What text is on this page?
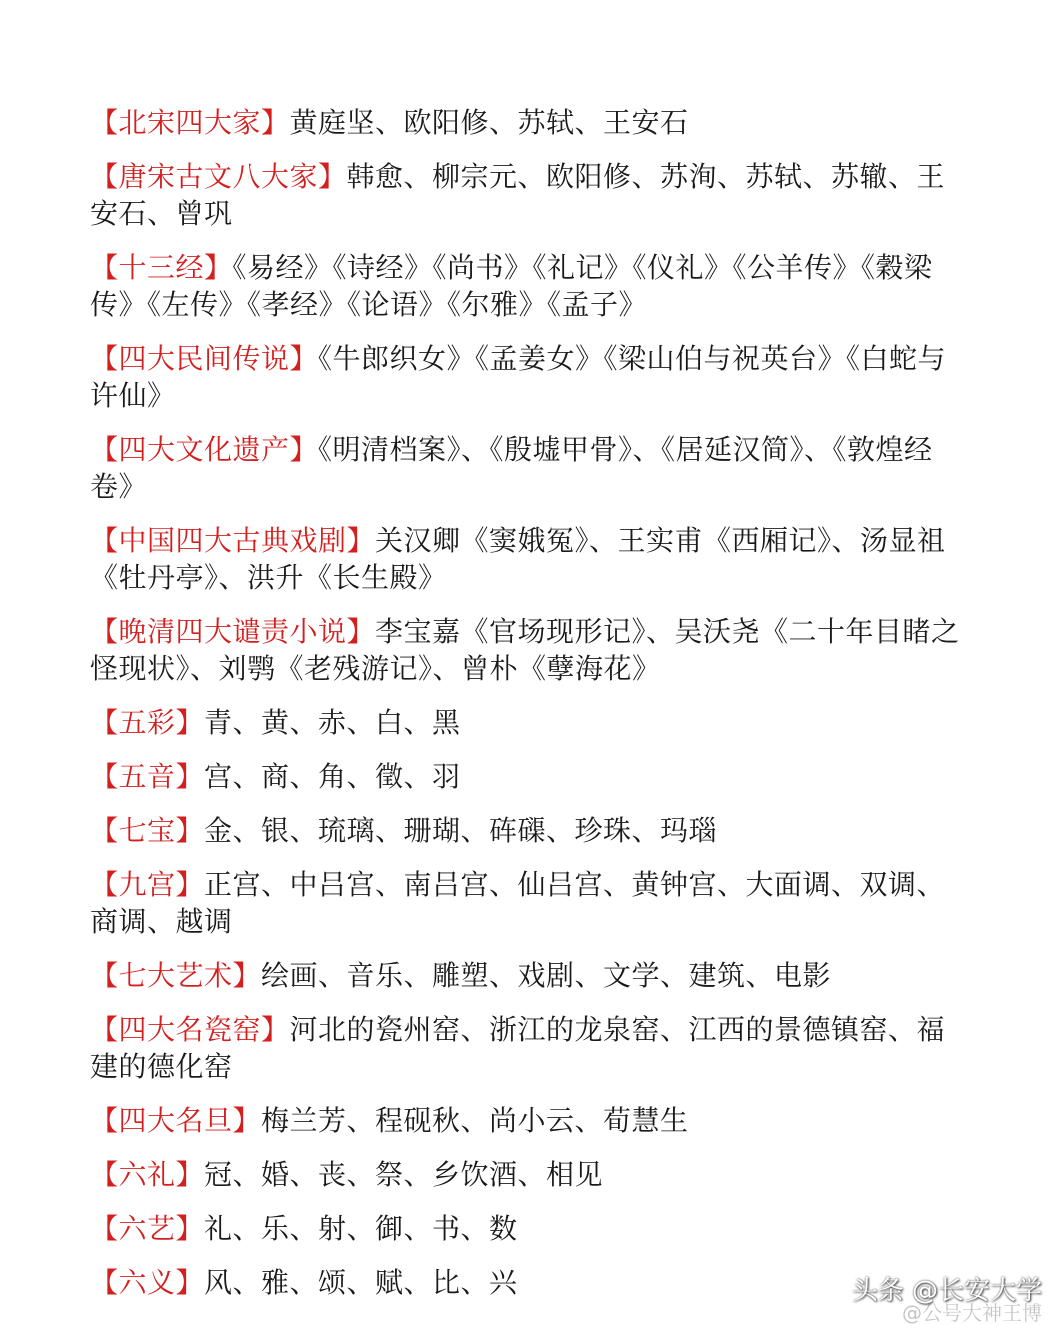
【北宋四大家】黄庭坚、欧阳修、苏轼、王安石
【唐宋古文八大家】韩愈、柳宗元、欧阳修、苏洵、苏轼、苏辙、王安石、曾巩
【十三经】《易经》《诗经》《尚书》《礼记》《仪礼》《公羊传》《穀梁传》《左传》《孝经》《论语》《尔雅》《孟子》
【四大民间传说】《牛郎织女》《孟姜女》《梁山伯与祝英台》《白蛇与许仙》
【四大文化遗产】《明清档案》、《殷墟甲骨》、《居延汉简》、《敦煌经卷》
【中国四大古典戏剧】关汉卿《窦娥冤》、王实甫《西厢记》、汤显祖《牡丹亭》、洪升《长生殿》
【晚清四大谴责小说】李宝嘉《官场现形记》、吴沃尧《二十年目睹之怪现状》、刘鹗《老残游记》、曾朴《孽海花》
【五彩】青、黄、赤、白、黑
【五音】宫、商、角、徵、羽
【七宝】金、银、琉璃、珊瑚、砗磲、珍珠、玛瑙
【九宫】正宫、中吕宫、南吕宫、仙吕宫、黄钟宫、大面调、双调、商调、越调
【七大艺术】绘画、音乐、雕塑、戏剧、文学、建筑、电影
【四大名瓷窑】河北的瓷州窑、浙江的龙泉窑、江西的景德镇窑、福建的德化窑
【四大名旦】梅兰芳、程砚秋、尚小云、荀慧生
【六礼】冠、婚、丧、祭、乡饮酒、相见
【六艺】礼、乐、射、御、书、数
【六义】风、雅、颂、赋、比、兴
@公号大神王博
头条 @长安大学
